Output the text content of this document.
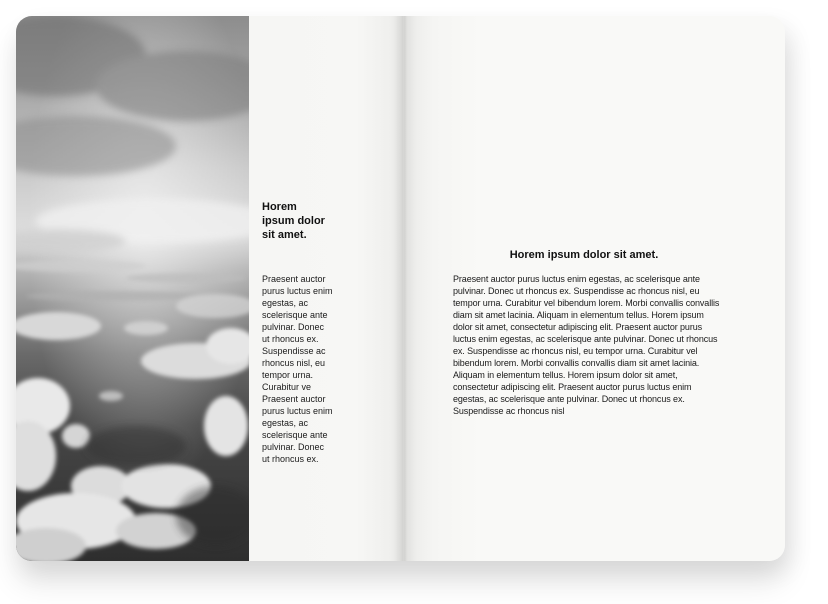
Horem ipsum dolor sit amet.

Praesent auctor purus luctus enim egestas, ac scelerisque ante pulvinar. Donec ut rhoncus ex. Suspendisse ac rhoncus nisl, eu tempor urna. Curabitur ve Praesent auctor purus luctus enim egestas, ac scelerisque ante pulvinar. Donec ut rhoncus ex.

Horem ipsum dolor sit amet.

Praesent auctor purus luctus enim egestas, ac scelerisque ante pulvinar. Donec ut rhoncus ex. Suspendisse ac rhoncus nisl, eu tempor urna. Curabitur vel bibendum lorem. Morbi convallis convallis diam sit amet lacinia. Aliquam in elementum tellus. Horem ipsum dolor sit amet, consectetur adipiscing elit. Praesent auctor purus luctus enim egestas, ac scelerisque ante pulvinar. Donec ut rhoncus ex. Suspendisse ac rhoncus nisl, eu tempor urna. Curabitur vel bibendum lorem. Morbi convallis convallis diam sit amet lacinia. Aliquam in elementum tellus. Horem ipsum dolor sit amet, consectetur adipiscing elit. Praesent auctor purus luctus enim egestas, ac scelerisque ante pulvinar. Donec ut rhoncus ex. Suspendisse ac rhoncus nisl
